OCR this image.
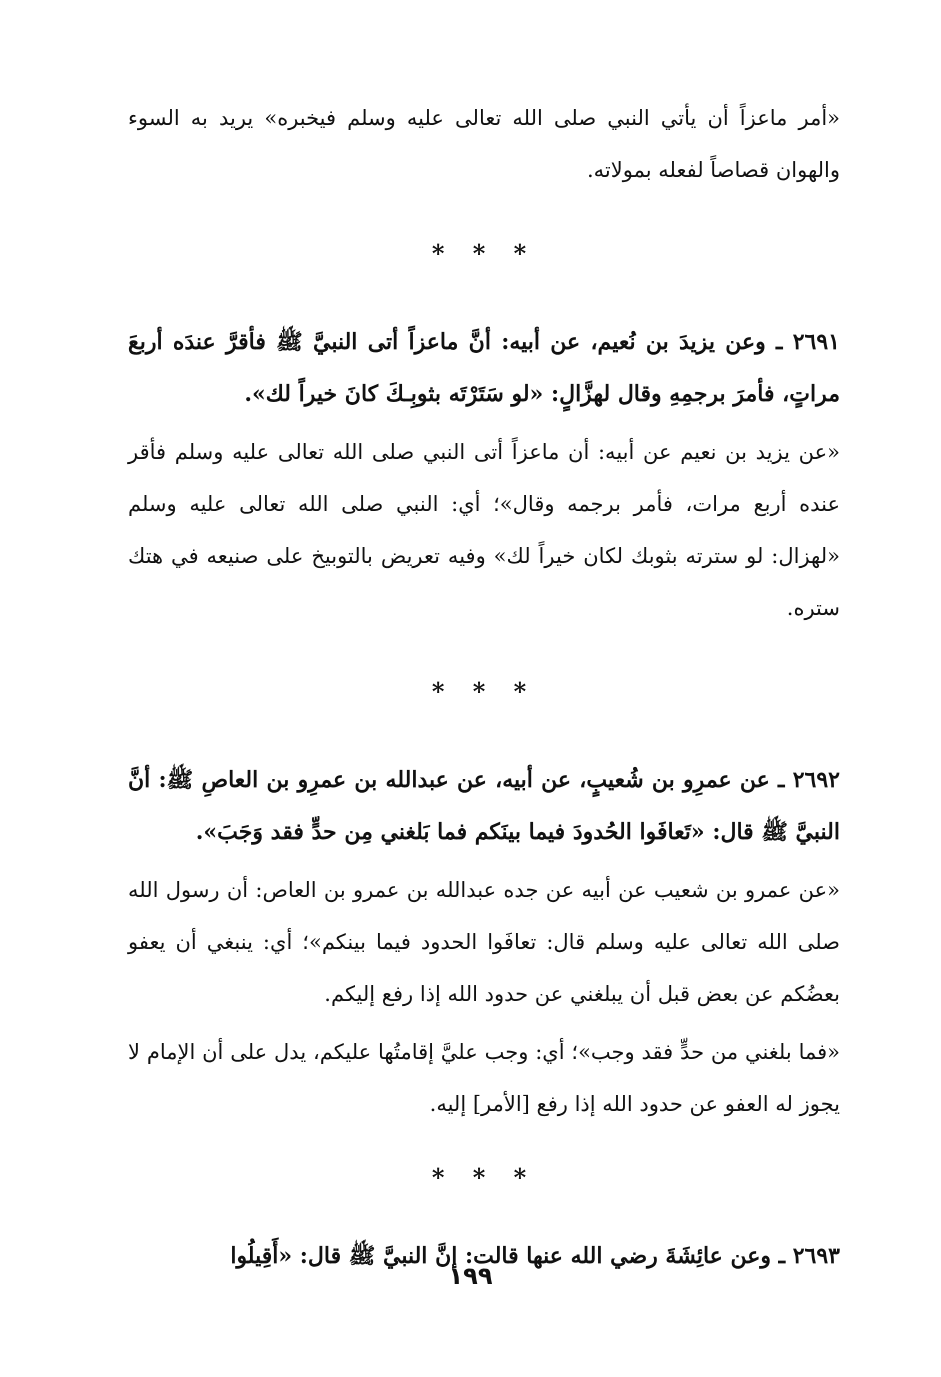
«أمر ماعزاً أن يأتي النبي صلى الله تعالى عليه وسلم فيخبره» يريد به السوء والهوان قصاصاً لفعله بمولاته.

* * *

٢٦٩١ ـ وعن يزيدَ بن نُعيم، عن أبيه: أنَّ ماعزاً أتى النبيَّ ﷺ فأقرَّ عندَه أربعَ مراتٍ، فأمرَ برجمِهِ وقال لهزَّالٍ: «لو سَتَرْتَه بثوبِـكَ كانَ خيراً لك».

«عن يزيد بن نعيم عن أبيه: أن ماعزاً أتى النبي صلى الله تعالى عليه وسلم فأقر عنده أربع مرات، فأمر برجمه وقال»؛ أي: النبي صلى الله تعالى عليه وسلم «لهزال: لو سترته بثوبك لكان خيراً لك» وفيه تعريض بالتوبيخ على صنيعه في هتك ستره.

* * *

٢٦٩٢ ـ عن عمرِو بن شُعيبٍ، عن أبيه، عن عبدالله بن عمرِو بن العاصِ ﷺ: أنَّ النبيَّ ﷺ قال: «تَعافَوا الحُدودَ فيما بينَكم فما بَلغني مِن حدٍّ فقد وَجَبَ».

«عن عمرو بن شعيب عن أبيه عن جده عبدالله بن عمرو بن العاص: أن رسول الله صلى الله تعالى عليه وسلم قال: تعافَوا الحدود فيما بينكم»؛ أي: ينبغي أن يعفو بعضُكم عن بعض قبل أن يبلغني عن حدود الله إذا رفع إليكم.

«فما بلغني من حدٍّ فقد وجب»؛ أي: وجب عليَّ إقامتُها عليكم، يدل على أن الإمام لا يجوز له العفو عن حدود الله إذا رفع [الأمر] إليه.

* * *

٢٦٩٣ ـ وعن عائِشَةَ رضي الله عنها قالت: إنَّ النبيَّ ﷺ قال: «أَقِيلُوا

١٩٩
